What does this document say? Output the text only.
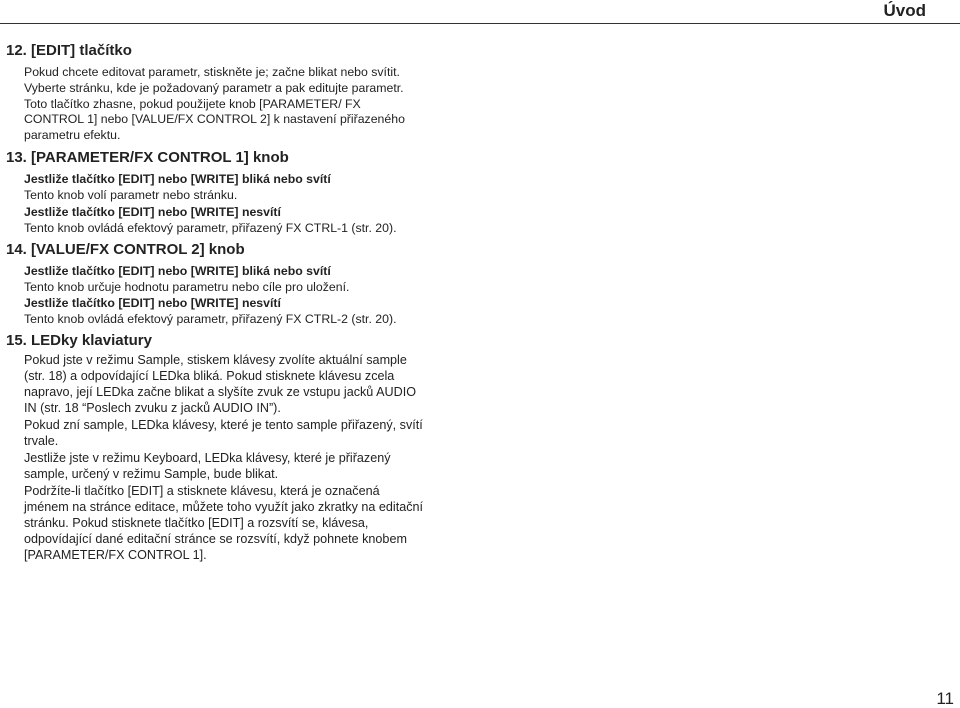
Úvod
12. [EDIT] tlačítko

Pokud chcete editovat parametr, stiskněte je; začne blikat nebo svítit.

Vyberte stránku, kde je požadovaný parametr a pak editujte parametr.

Toto tlačítko zhasne, pokud použijete knob [PARAMETER/ FX

CONTROL 1] nebo [VALUE/FX CONTROL 2] k nastavení přiřazeného

parametru efektu.

13. [PARAMETER/FX CONTROL 1] knob

Jestliže tlačítko [EDIT] nebo [WRITE] bliká nebo svítí

Tento knob volí parametr nebo stránku.

Jestliže tlačítko [EDIT] nebo [WRITE] nesvítí

Tento knob ovládá efektový parametr, přiřazený FX CTRL-1 (str. 20).

14. [VALUE/FX CONTROL 2] knob

Jestliže tlačítko [EDIT] nebo [WRITE] bliká nebo svítí

Tento knob určuje hodnotu parametru nebo cíle pro uložení.

Jestliže tlačítko [EDIT] nebo [WRITE] nesvítí

Tento knob ovládá efektový parametr, přiřazený FX CTRL-2 (str. 20).

15. LEDky klaviatury

Pokud jste v režimu Sample, stiskem klávesy zvolíte aktuální sample

(str. 18) a odpovídající LEDka bliká. Pokud stisknete klávesu zcela

napravo, její LEDka začne blikat a slyšíte zvuk ze vstupu jacků AUDIO

IN (str. 18 “Poslech zvuku z jacků AUDIO IN”).

Pokud zní sample, LEDka klávesy, které je tento sample přiřazený, svítí

trvale.

Jestliže jste v režimu Keyboard, LEDka klávesy, které je přiřazený

sample, určený v režimu Sample, bude blikat.

Podržíte-li tlačítko [EDIT] a stisknete klávesu, která je označená

jménem na stránce editace, můžete toho využít jako zkratky na editační

stránku. Pokud stisknete tlačítko [EDIT] a rozsvítí se, klávesa,

odpovídající dané editační stránce se rozsvítí, když pohnete knobem

[PARAMETER/FX CONTROL 1].

11
